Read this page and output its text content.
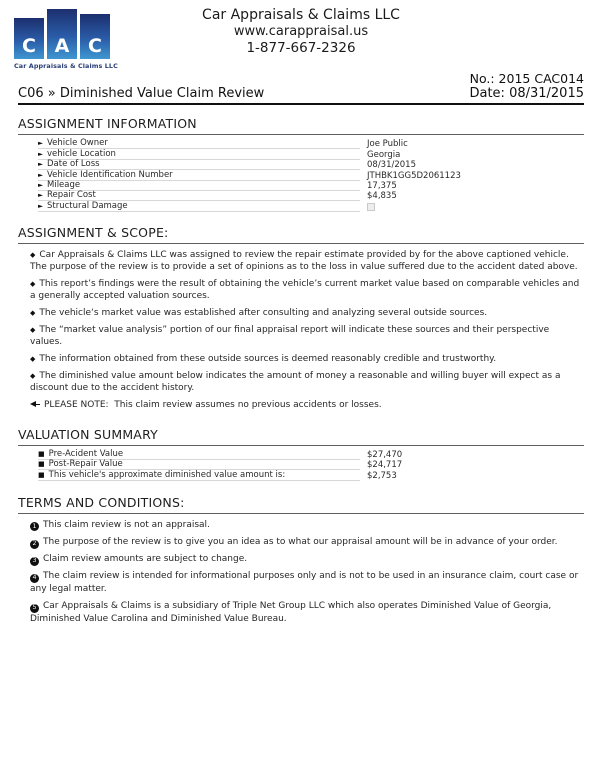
C A C
Car Appraisals & Claims LLC
Car Appraisals & Claims LLC
www.carappraisal.us
1-877-667-2326
No.: 2015 CAC014
C06 » Diminished Value Claim Review	Date: 08/31/2015
ASSIGNMENT INFORMATION
► Vehicle Owner	Joe Public
► vehicle Location	Georgia
► Date of Loss	08/31/2015
► Vehicle Identification Number	JTHBK1GG5D2061123
► Mileage	17,375
► Repair Cost	$4,835
► Structural Damage
ASSIGNMENT & SCOPE:
◆ Car Appraisals & Claims LLC was assigned to review the repair estimate provided by for the above captioned vehicle. The purpose of the review is to provide a set of opinions as to the loss in value suffered due to the accident dated above.
◆ This report’s findings were the result of obtaining the vehicle’s current market value based on comparable vehicles and a generally accepted valuation sources.
◆ The vehicle‘s market value was established after consulting and analyzing several outside sources.
◆ The “market value analysis” portion of our final appraisal report will indicate these sources and their perspective values.
◆ The information obtained from these outside sources is deemed reasonably credible and trustworthy.
◆ The diminished value amount below indicates the amount of money a reasonable and willing buyer will expect as a discount due to the accident history.
PLEASE NOTE:  This claim review assumes no previous accidents or losses.
VALUATION SUMMARY
■ Pre-Acident Value	$27,470
■ Post-Repair Value	$24,717
■ This vehicle's approximate diminished value amount is:	$2,753
TERMS AND CONDITIONS:
1 This claim review is not an appraisal.
2 The purpose of the review is to give you an idea as to what our appraisal amount will be in advance of your order.
3 Claim review amounts are subject to change.
4 The claim review is intended for informational purposes only and is not to be used in an insurance claim, court case or any legal matter.
5 Car Appraisals & Claims is a subsidiary of Triple Net Group LLC which also operates Diminished Value of Georgia, Diminished Value Carolina and Diminished Value Bureau.
